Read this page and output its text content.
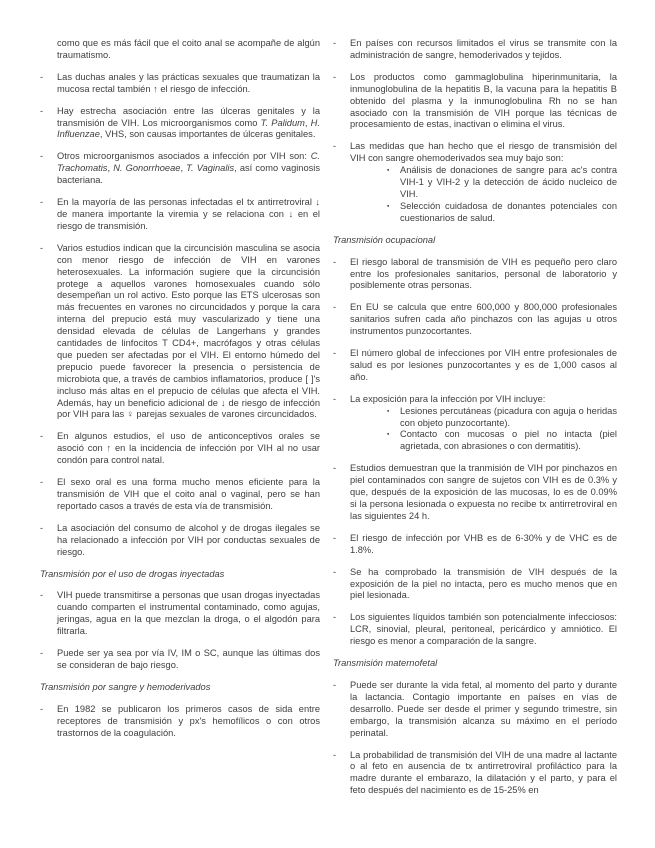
como que es más fácil que el coito anal se acompañe de algún traumatismo.
-	Las duchas anales y las prácticas sexuales que traumatizan la mucosa rectal también ↑ el riesgo de infección.
-	Hay estrecha asociación entre las úlceras genitales y la transmisión de VIH. Los microorganismos como T. Palidum, H. Influenzae, VHS, son causas importantes de úlceras genitales.
-	Otros microorganismos asociados a infección por VIH son: C. Trachomatis, N. Gonorrhoeae, T. Vaginalis, así como vaginosis bacteriana.
-	En la mayoría de las personas infectadas el tx antirretroviral ↓ de manera importante la viremia y se relaciona con ↓ en el riesgo de transmisión.
-	Varios estudios indican que la circuncisión masculina se asocia con menor riesgo de infección de VIH en varones heterosexuales. La información sugiere que la circuncisión protege a aquellos varones homosexuales cuando sólo desempeñan un rol activo. Esto porque las ETS ulcerosas son más frecuentes en varones no circuncidados y porque la cara interna del prepucio está muy vascularizado y tiene una densidad elevada de células de Langerhans y grandes cantidades de linfocitos T CD4+, macrófagos y otras células que pueden ser afectadas por el VIH. El entorno húmedo del prepucio puede favorecer la presencia o persistencia de microbiota que, a través de cambios inflamatorios, produce [ ]'s incluso más altas en el prepucio de células que afecta el VIH. Además, hay un beneficio adicional de ↓ de riesgo de infección por VIH para las ♀ parejas sexuales de varones circuncidados.
-	En algunos estudios, el uso de anticonceptivos orales se asoció con ↑ en la incidencia de infección por VIH al no usar condón para control natal.
-	El sexo oral es una forma mucho menos eficiente para la transmisión de VIH que el coito anal o vaginal, pero se han reportado casos a través de esta vía de transmisión.
-	La asociación del consumo de alcohol y de drogas ilegales se ha relacionado a infección por VIH por conductas sexuales de riesgo.
Transmisión por el uso de drogas inyectadas
-	VIH puede transmitirse a personas que usan drogas inyectadas cuando comparten el instrumental contaminado, como agujas, jeringas, agua en la que mezclan la droga, o el algodón para filtrarla.
-	Puede ser ya sea por vía IV, IM o SC, aunque las últimas dos se consideran de bajo riesgo.
Transmisión por sangre y hemoderivados
-	En 1982 se publicaron los primeros casos de sida entre receptores de transmisión y px's hemofílicos o con otros trastornos de la coagulación.
-	En países con recursos limitados el virus se transmite con la administración de sangre, hemoderivados y tejidos.
-	Los productos como gammaglobulina hiperinmunitaria, la inmunoglobulina de la hepatitis B, la vacuna para la hepatitis B obtenido del plasma y la inmunoglobulina Rh no se han asociado con la transmisión de VIH porque las técnicas de procesamiento de estas, inactivan o elimina el virus.
-	Las medidas que han hecho que el riesgo de transmisión del VIH con sangre ohemoderivados sea muy bajo son:
▪	Análisis de donaciones de sangre para ac's contra VIH-1 y VIH-2 y la detección de ácido nucleico de VIH.
▪	Selección cuidadosa de donantes potenciales con cuestionarios de salud.
Transmisión ocupacional
-	El riesgo laboral de transmisión de VIH es pequeño pero claro entre los profesionales sanitarios, personal de laboratorio y posiblemente otras personas.
-	En EU se calcula que entre 600,000 y 800,000 profesionales sanitarios sufren cada año pinchazos con las agujas u otros instrumentos punzocortantes.
-	El número global de infecciones por VIH entre profesionales de salud es por lesiones punzocortantes y es de 1,000 casos al año.
-	La exposición para la infección por VIH incluye:
▪	Lesiones percutáneas (picadura con aguja o heridas con objeto punzocortante).
▪	Contacto con mucosas o piel no intacta (piel agrietada, con abrasiones o con dermatitis).
-	Estudios demuestran que la tranmisión de VIH por pinchazos en piel contaminados con sangre de sujetos con VIH es de 0.3% y que, después de la exposición de las mucosas, lo es de 0.09% si la persona lesionada o expuesta no recibe tx antirretroviral en las siguientes 24 h.
-	El riesgo de infección por VHB es de 6-30% y de VHC es de 1.8%.
-	Se ha comprobado la transmisión de VIH después de la exposición de la piel no intacta, pero es mucho menos que en piel lesionada.
-	Los siguientes líquidos también son potencialmente infecciosos: LCR, sinovial, pleural, peritoneal, pericárdico y amniótico. El riesgo es menor a comparación de la sangre.
Transmisión maternofetal
-	Puede ser durante la vida fetal, al momento del parto y durante la lactancia. Contagio importante en países en vías de desarrollo. Puede ser desde el primer y segundo trimestre, sin embargo, la transmisión alcanza su máximo en el período perinatal.
-	La probabilidad de transmisión del VIH de una madre al lactante o al feto en ausencia de tx antirretroviral profiláctico para la madre durante el embarazo, la dilatación y el parto, y para el feto después del nacimiento es de 15-25% en
